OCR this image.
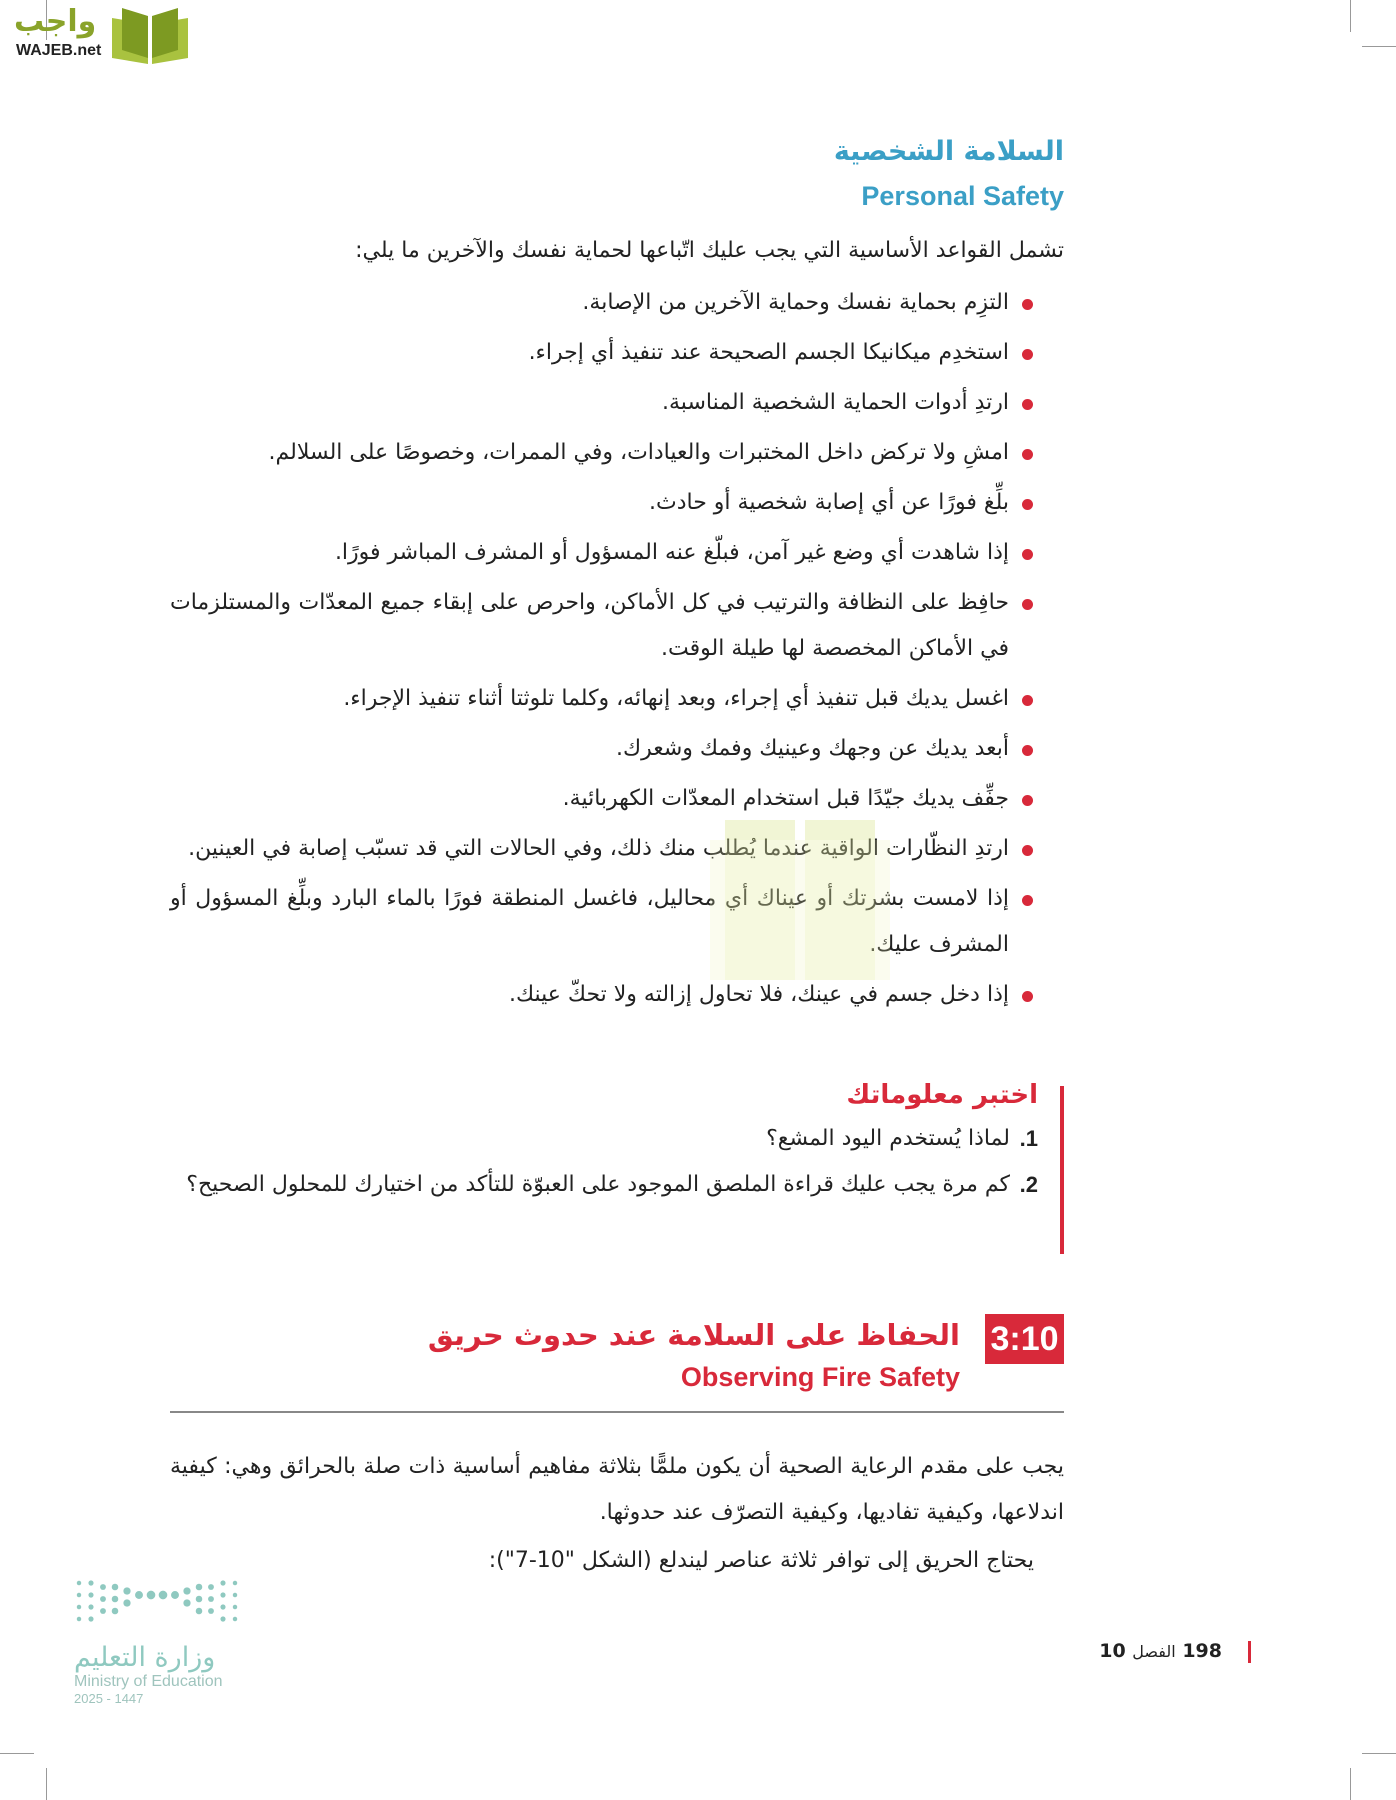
واجب
WAJEB.net
السلامة الشخصية
Personal Safety
تشمل القواعد الأساسية التي يجب عليك اتّباعها لحماية نفسك والآخرين ما يلي:
التزِم بحماية نفسك وحماية الآخرين من الإصابة.
استخدِم ميكانيكا الجسم الصحيحة عند تنفيذ أي إجراء.
ارتدِ أدوات الحماية الشخصية المناسبة.
امشِ ولا تركض داخل المختبرات والعيادات، وفي الممرات، وخصوصًا على السلالم.
بلِّغ فورًا عن أي إصابة شخصية أو حادث.
إذا شاهدت أي وضع غير آمن، فبلّغ عنه المسؤول أو المشرف المباشر فورًا.
حافِظ على النظافة والترتيب في كل الأماكن، واحرص على إبقاء جميع المعدّات والمستلزمات في الأماكن المخصصة لها طيلة الوقت.
اغسل يديك قبل تنفيذ أي إجراء، وبعد إنهائه، وكلما تلوثتا أثناء تنفيذ الإجراء.
أبعد يديك عن وجهك وعينيك وفمك وشعرك.
جفِّف يديك جيّدًا قبل استخدام المعدّات الكهربائية.
ارتدِ النظّارات الواقية عندما يُطلب منك ذلك، وفي الحالات التي قد تسبّب إصابة في العينين.
إذا لامست بشرتك أو عيناك أي محاليل، فاغسل المنطقة فورًا بالماء البارد وبلِّغ المسؤول أو المشرف عليك.
إذا دخل جسم في عينك، فلا تحاول إزالته ولا تحكّ عينك.
اختبر معلوماتك
1.
لماذا يُستخدم اليود المشع؟
2.
كم مرة يجب عليك قراءة الملصق الموجود على العبوّة للتأكد من اختيارك للمحلول الصحيح؟
3:10
الحفاظ على السلامة عند حدوث حريق
Observing Fire Safety
يجب على مقدم الرعاية الصحية أن يكون ملمًّا بثلاثة مفاهيم أساسية ذات صلة بالحرائق وهي: كيفية اندلاعها، وكيفية تفاديها، وكيفية التصرّف عند حدوثها.
يحتاج الحريق إلى توافر ثلاثة عناصر ليندلع (الشكل "10-7"):
وزارة التعليم
Ministry of Education
2025 - 1447
198 الفصل 10
